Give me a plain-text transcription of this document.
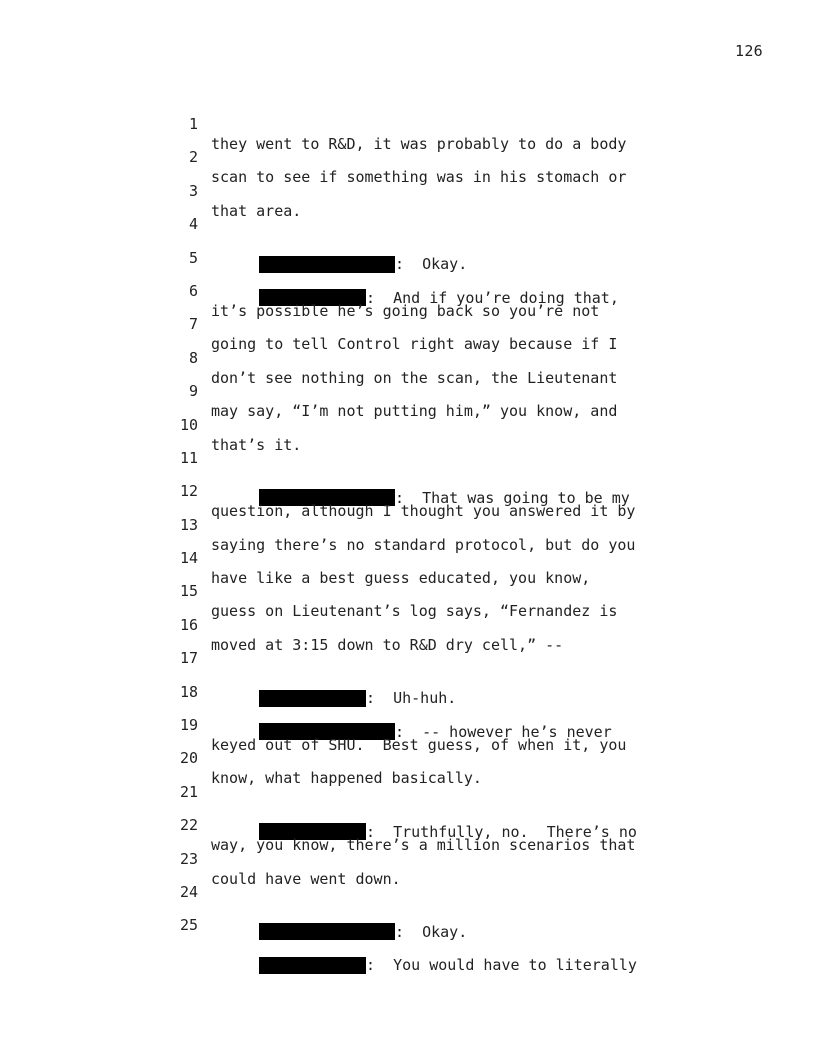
126

1

they went to R&D, it was probably to do a body

2

scan to see if something was in his stomach or

3

that area.

4

:  Okay.

5

:  And if you’re doing that,

6

it’s possible he’s going back so you’re not

7

going to tell Control right away because if I

8

don’t see nothing on the scan, the Lieutenant

9

may say, “I’m not putting him,” you know, and

10

that’s it.

11

:  That was going to be my

12

question, although I thought you answered it by

13

saying there’s no standard protocol, but do you

14

have like a best guess educated, you know,

15

guess on Lieutenant’s log says, “Fernandez is

16

moved at 3:15 down to R&D dry cell,” --

17

:  Uh-huh.

18

:  -- however he’s never

19

keyed out of SHU.  Best guess, of when it, you

20

know, what happened basically.

21

:  Truthfully, no.  There’s no

22

way, you know, there’s a million scenarios that

23

could have went down.

24

:  Okay.

25

:  You would have to literally
